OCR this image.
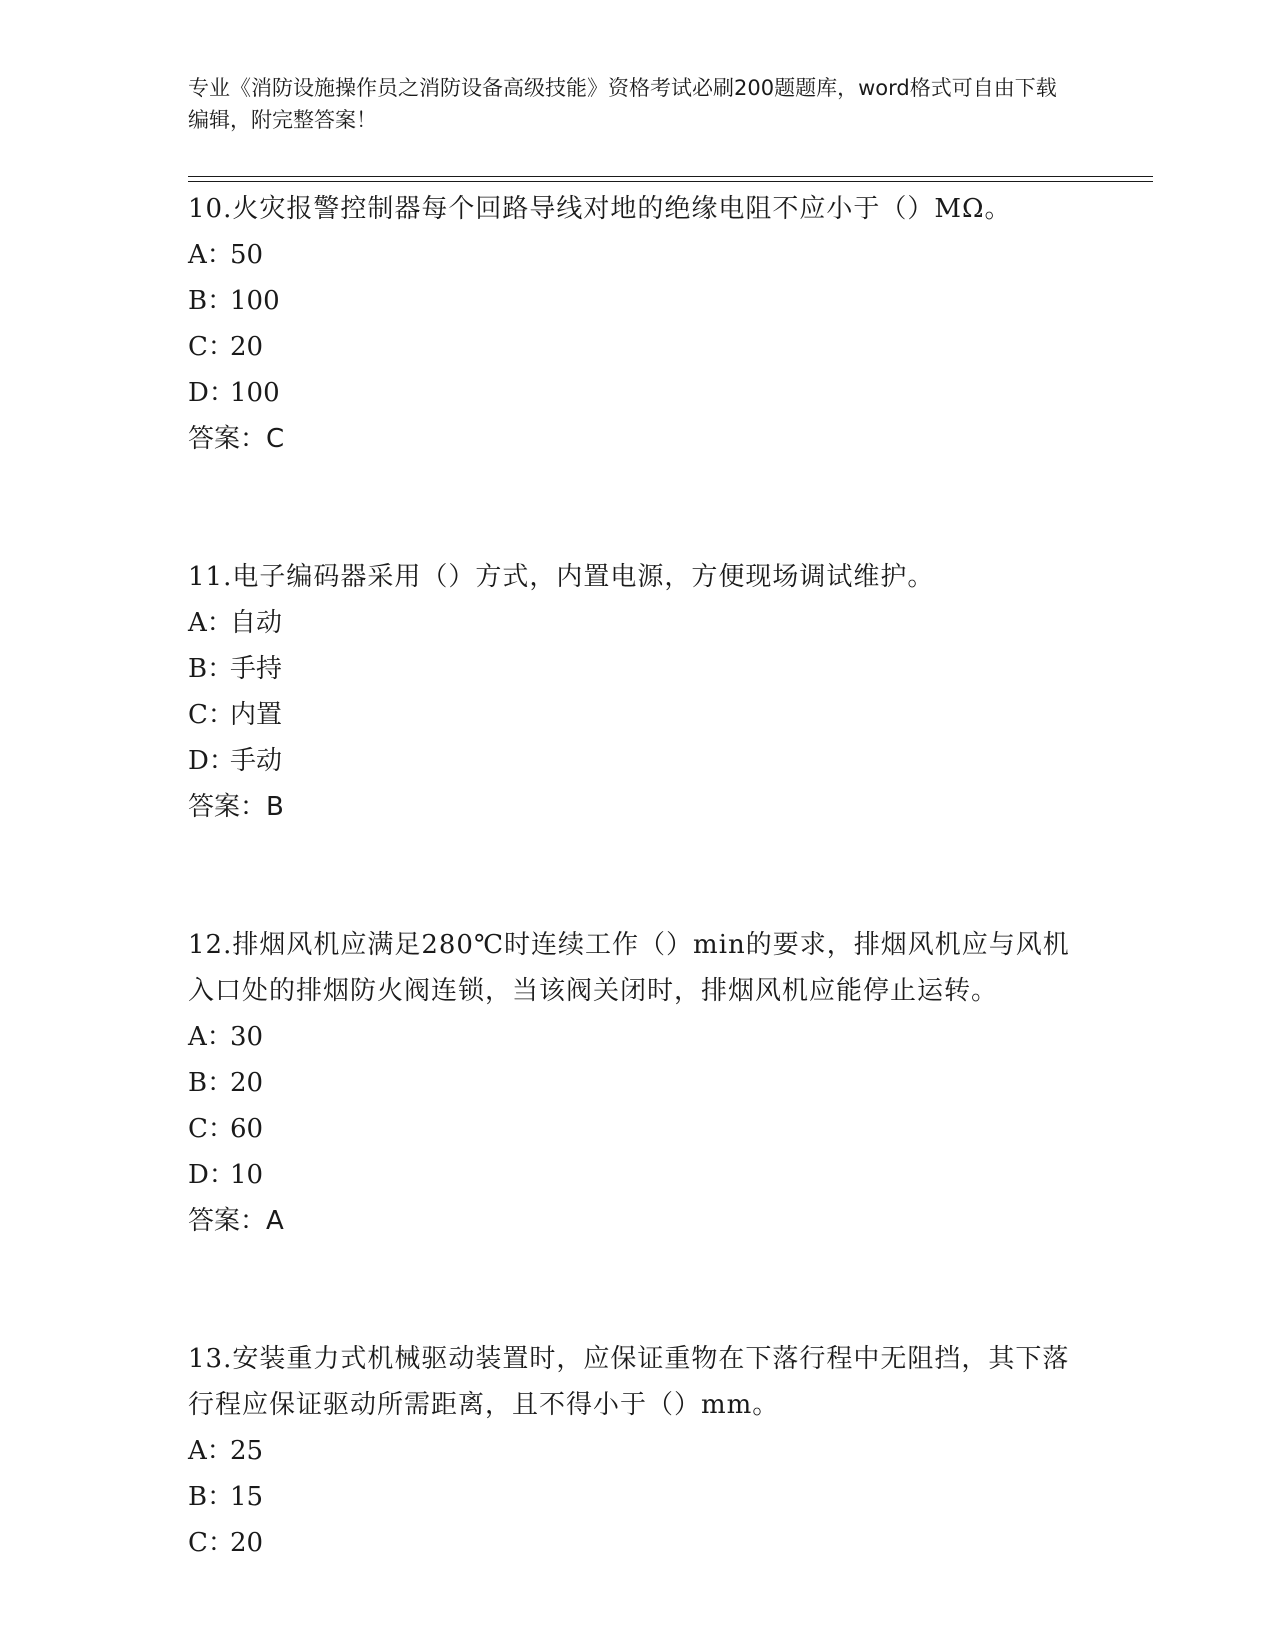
专业《消防设施操作员之消防设备高级技能》资格考试必刷200题题库，word格式可自由下载编辑，附完整答案！
10.火灾报警控制器每个回路导线对地的绝缘电阻不应小于（）MΩ。
A：50
B：100
C：20
D：100
答案：C
11.电子编码器采用（）方式，内置电源，方便现场调试维护。
A：自动
B：手持
C：内置
D：手动
答案：B
12.排烟风机应满足280℃时连续工作（）min的要求，排烟风机应与风机入口处的排烟防火阀连锁，当该阀关闭时，排烟风机应能停止运转。
A：30
B：20
C：60
D：10
答案：A
13.安装重力式机械驱动装置时，应保证重物在下落行程中无阻挡，其下落行程应保证驱动所需距离，且不得小于（）mm。
A：25
B：15
C：20
